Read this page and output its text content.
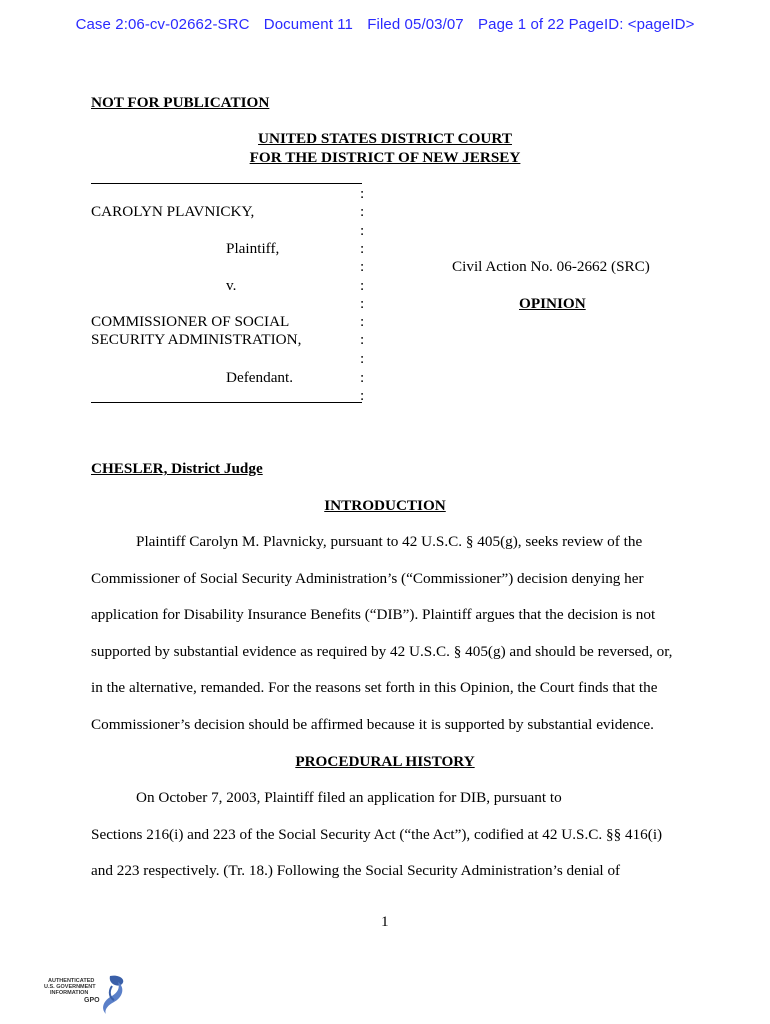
Case 2:06-cv-02662-SRC Document 11 Filed 05/03/07 Page 1 of 22 PageID: <pageID>
NOT FOR PUBLICATION
UNITED STATES DISTRICT COURT
FOR THE DISTRICT OF NEW JERSEY
CAROLYN PLAVNICKY,
Plaintiff,
v.
COMMISSIONER OF SOCIAL
SECURITY ADMINISTRATION,
Defendant.
:
:
:
:
:
:
:
:
:
:
:
:
Civil Action No. 06-2662 (SRC)
OPINION
CHESLER, District Judge
INTRODUCTION
Plaintiff Carolyn M. Plavnicky, pursuant to 42 U.S.C. § 405(g), seeks review of the
Commissioner of Social Security Administration’s (“Commissioner”) decision denying her
application for Disability Insurance Benefits (“DIB”). Plaintiff argues that the decision is not
supported by substantial evidence as required by 42 U.S.C. § 405(g) and should be reversed, or,
in the alternative, remanded. For the reasons set forth in this Opinion, the Court finds that the
Commissioner’s decision should be affirmed because it is supported by substantial evidence.
PROCEDURAL HISTORY
On October 7, 2003, Plaintiff filed an application for DIB, pursuant to
Sections 216(i) and 223 of the Social Security Act (“the Act”), codified at 42 U.S.C. §§ 416(i)
and 223 respectively. (Tr. 18.) Following the Social Security Administration’s denial of
1
AUTHENTICATED
U.S. GOVERNMENT
INFORMATION
GPO
